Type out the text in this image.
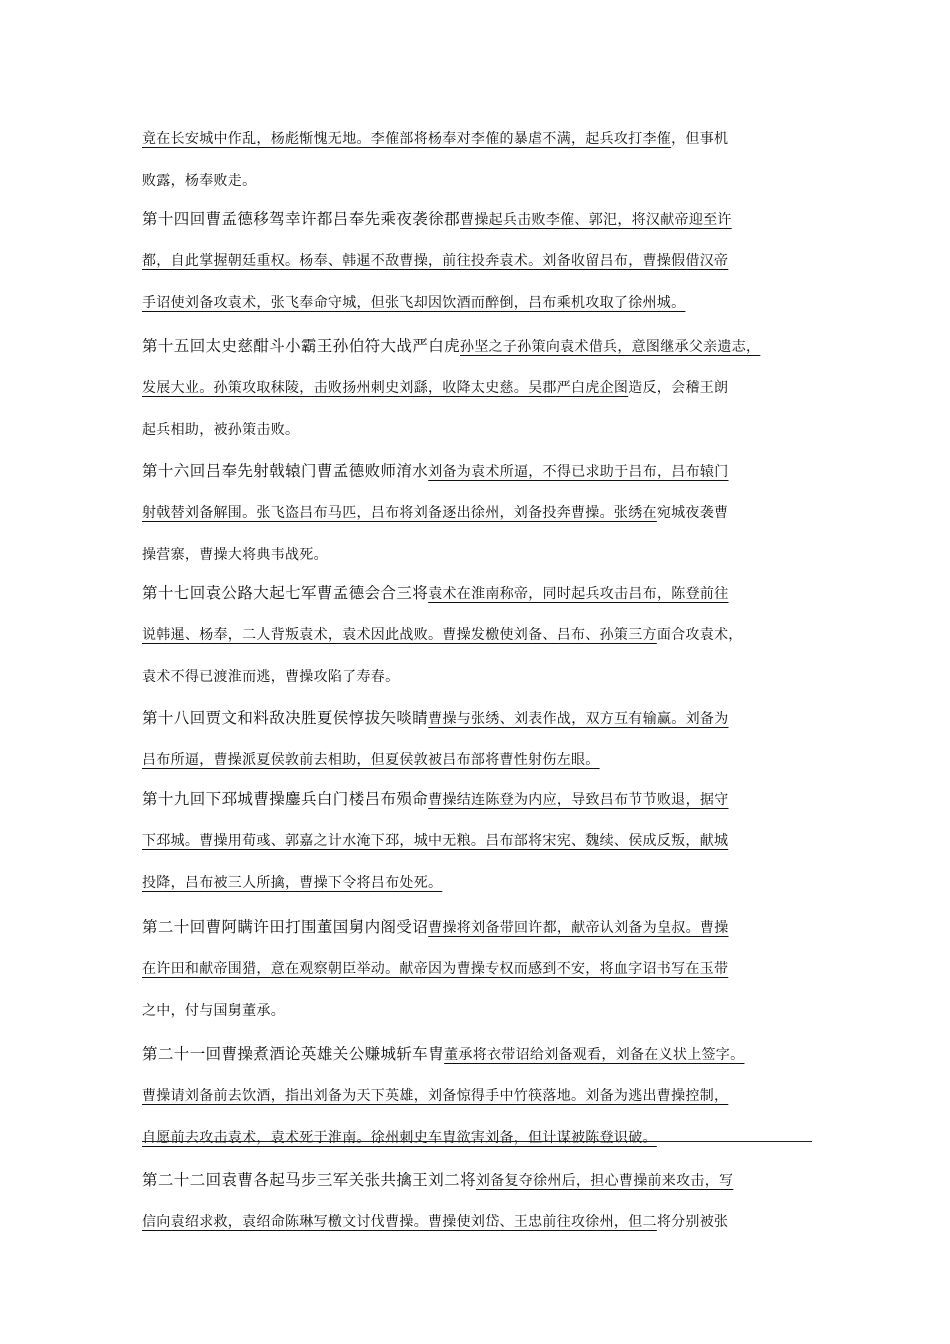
竟在长安城中作乱，杨彪惭愧无地。李傕部将杨奉对李傕的暴虐不满，起兵攻打李傕，但事机
败露，杨奉败走。
第十四回曹孟德移驾幸许都吕奉先乘夜袭徐郡曹操起兵击败李傕、郭汜，将汉献帝迎至许
都，自此掌握朝廷重权。杨奉、韩暹不敌曹操，前往投奔袁术。刘备收留吕布，曹操假借汉帝
手诏使刘备攻袁术，张飞奉命守城，但张飞却因饮酒而醉倒，吕布乘机攻取了徐州城。
第十五回太史慈酣斗小霸王孙伯符大战严白虎孙坚之子孙策向袁术借兵，意图继承父亲遗志，
发展大业。孙策攻取秣陵，击败扬州刺史刘繇，收降太史慈。吴郡严白虎企图造反，会稽王朗
起兵相助，被孙策击败。
第十六回吕奉先射戟辕门曹孟德败师淯水刘备为袁术所逼，不得已求助于吕布，吕布辕门
射戟替刘备解围。张飞盗吕布马匹，吕布将刘备逐出徐州，刘备投奔曹操。张绣在宛城夜袭曹
操营寨，曹操大将典韦战死。
第十七回袁公路大起七军曹孟德会合三将袁术在淮南称帝，同时起兵攻击吕布，陈登前往
说韩暹、杨奉，二人背叛袁术，袁术因此战败。曹操发檄使刘备、吕布、孙策三方面合攻袁术，
袁术不得已渡淮而逃，曹操攻陷了寿春。
第十八回贾文和料敌决胜夏侯惇拔矢啖睛曹操与张绣、刘表作战，双方互有输赢。刘备为
吕布所逼，曹操派夏侯敦前去相助，但夏侯敦被吕布部将曹性射伤左眼。
第十九回下邳城曹操鏖兵白门楼吕布殒命曹操结连陈登为内应，导致吕布节节败退，据守
下邳城。曹操用荀彧、郭嘉之计水淹下邳，城中无粮。吕布部将宋宪、魏续、侯成反叛，献城
投降，吕布被三人所擒，曹操下令将吕布处死。
第二十回曹阿瞒许田打围董国舅内阁受诏曹操将刘备带回许都，献帝认刘备为皇叔。曹操
在许田和献帝围猎，意在观察朝臣举动。献帝因为曹操专权而感到不安，将血字诏书写在玉带
之中，付与国舅董承。
第二十一回曹操煮酒论英雄关公赚城斩车胄董承将衣带诏给刘备观看，刘备在义状上签字。
曹操请刘备前去饮酒，指出刘备为天下英雄，刘备惊得手中竹筷落地。刘备为逃出曹操控制，
自愿前去攻击袁术，袁术死于淮南。徐州刺史车胄欲害刘备，但计谋被陈登识破。
第二十二回袁曹各起马步三军关张共擒王刘二将刘备复夺徐州后，担心曹操前来攻击，写
信向袁绍求救，袁绍命陈琳写檄文讨伐曹操。曹操使刘岱、王忠前往攻徐州，但二将分别被张
